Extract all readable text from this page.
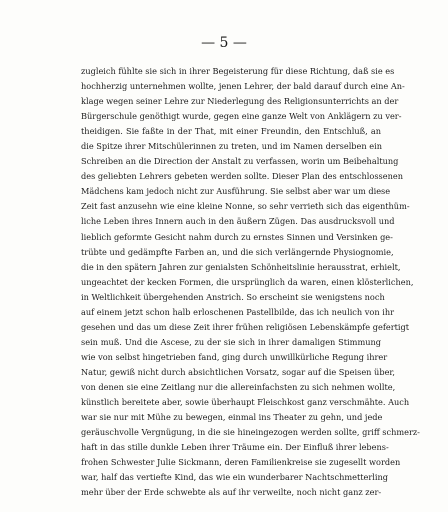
— 5 —
zugleich fühlte sie sich in ihrer Begeisterung für diese Richtung, daß sie es
hochherzig unternehmen wollte, jenen Lehrer, der bald darauf durch eine An-
klage wegen seiner Lehre zur Niederlegung des Religionsunterrichts an der
Bürgerschule genöthigt wurde, gegen eine ganze Welt von Anklägern zu ver-
theidigen. Sie faßte in der That, mit einer Freundin, den Entschluß, an
die Spitze ihrer Mitschülerinnen zu treten, und im Namen derselben ein
Schreiben an die Direction der Anstalt zu verfassen, worin um Beibehaltung
des geliebten Lehrers gebeten werden sollte. Dieser Plan des entschlossenen
Mädchens kam jedoch nicht zur Ausführung. Sie selbst aber war um diese
Zeit fast anzusehn wie eine kleine Nonne, so sehr verrieth sich das eigenthüm-
liche Leben ihres Innern auch in den äußern Zügen. Das ausdrucksvoll und
lieblich geformte Gesicht nahm durch zu ernstes Sinnen und Versinken ge-
trübte und gedämpfte Farben an, und die sich verlängernde Physiognomie,
die in den spätern Jahren zur genialsten Schönheitslinie herausstrat, erhielt,
ungeachtet der kecken Formen, die ursprünglich da waren, einen klösterlichen,
in Weltlichkeit übergehenden Anstrich. So erscheint sie wenigstens noch
auf einem jetzt schon halb erloschenen Pastellbilde, das ich neulich von ihr
gesehen und das um diese Zeit ihrer frühen religiösen Lebenskämpfe gefertigt
sein muß. Und die Ascese, zu der sie sich in ihrer damaligen Stimmung
wie von selbst hingetrieben fand, ging durch unwillkürliche Regung ihrer
Natur, gewiß nicht durch absichtlichen Vorsatz, sogar auf die Speisen über,
von denen sie eine Zeitlang nur die allereinfachsten zu sich nehmen wollte,
künstlich bereitete aber, sowie überhaupt Fleischkost ganz verschmähte. Auch
war sie nur mit Mühe zu bewegen, einmal ins Theater zu gehn, und jede
geräuschvolle Vergnügung, in die sie hineingezogen werden sollte, griff schmerz-
haft in das stille dunkle Leben ihrer Träume ein. Der Einfluß ihrer lebens-
frohen Schwester Julie Sickmann, deren Familienkreise sie zugesellt worden
war, half das vertiefte Kind, das wie ein wunderbarer Nachtschmetterling
mehr über der Erde schwebte als auf ihr verweilte, noch nicht ganz zer-
